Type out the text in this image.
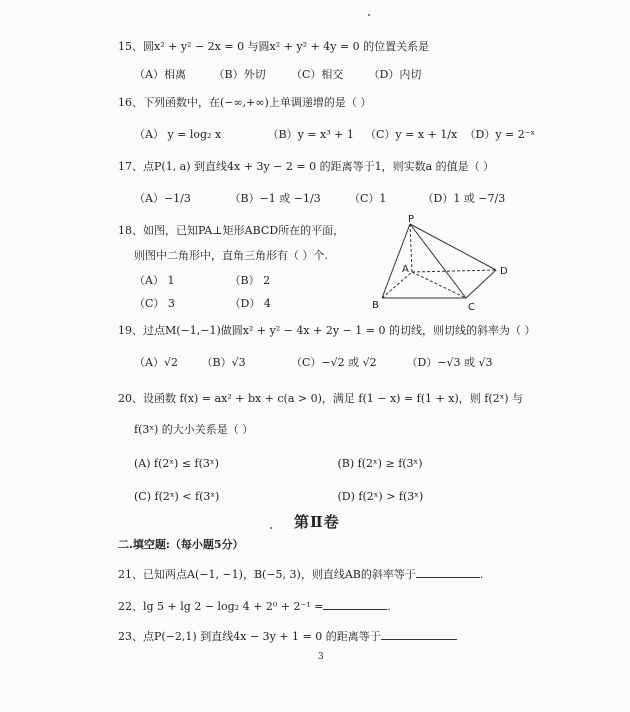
15、圆x² + y² − 2x = 0 与圆x² + y² + 4y = 0 的位置关系是
（A）相离	（B）外切 （C）相交 （D）内切
16、下列函数中，在(−∞,+∞)上单调递增的是（ ）
（A） y = log₂ x	（B）y = x³ + 1 （C）y = x + 1/x （D）y = 2⁻ˣ
17、点P(1, a) 到直线4x + 3y − 2 = 0 的距离等于1，则实数a 的值是（ ）
（A）−1/3	（B）−1 或 −1/3	（C）1	（D）1 或 −7/3
18、如图，已知PA⊥矩形ABCD所在的平面，
则图中二角形中，直角三角形有（ ）个.
（A） 1	（B） 2
（C） 3	（D） 4
P
A
B	C
D
19、过点M(−1,−1)做圆x² + y² − 4x + 2y − 1 = 0 的切线，则切线的斜率为（ ）
（A）√2 （B）√3	（C）−√2 或 √2	（D）−√3 或 √3
20、设函数 f(x) = ax² + bx + c(a > 0)，满足 f(1 − x) = f(1 + x)，则 f(2ˣ) 与
f(3ˣ) 的大小关系是（ ）
(A) f(2ˣ) ≤ f(3ˣ)	(B) f(2ˣ) ≥ f(3ˣ)
(C) f(2ˣ) < f(3ˣ)	(D) f(2ˣ) > f(3ˣ)
第Ⅱ卷
二.填空题:（每小题5分）
21、已知两点A(−1, −1)，B(−5, 3)，则直线AB的斜率等于	.
22、lg 5 + lg 2 − log₂ 4 + 2⁰ + 2⁻¹ =	.
23、点P(−2,1) 到直线4x − 3y + 1 = 0 的距离等于
3
